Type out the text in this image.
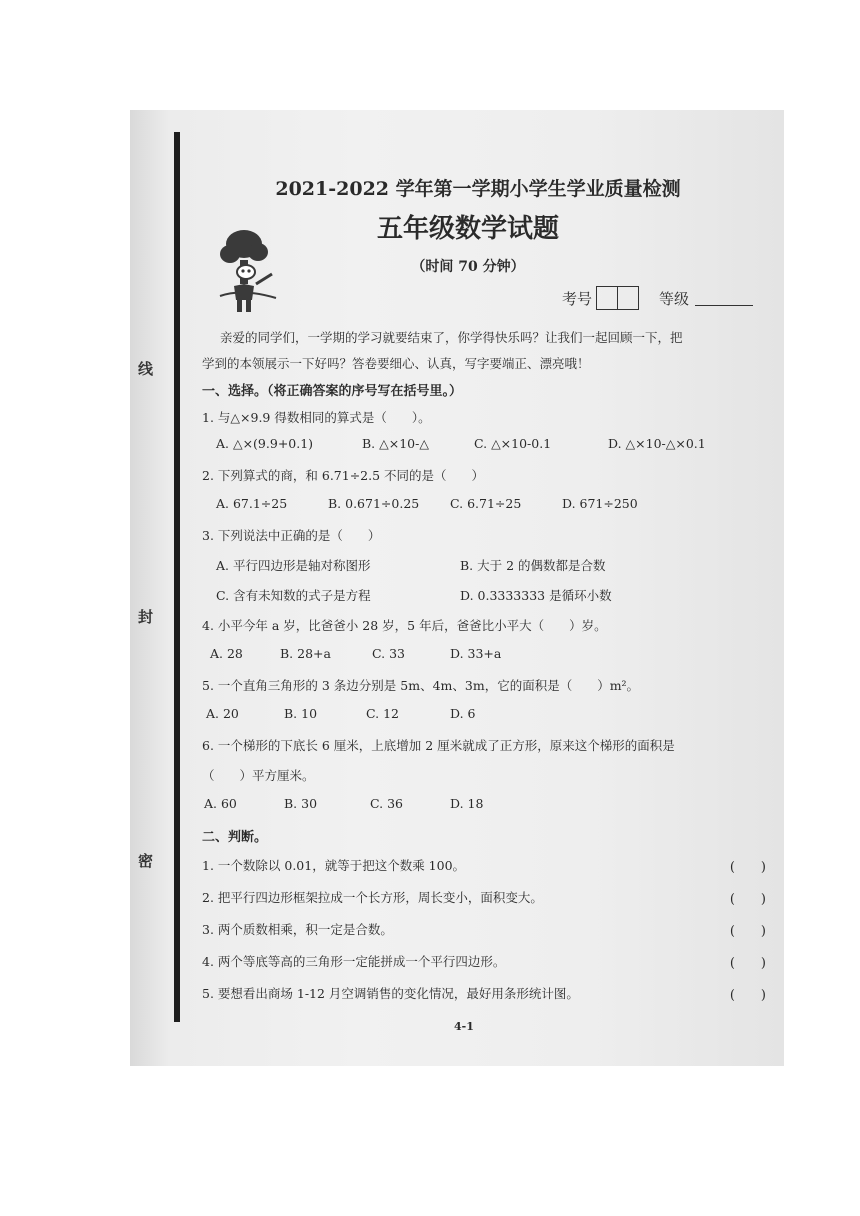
线
封
密
2021-2022 学年第一学期小学生学业质量检测
五年级数学试题
（时间 70 分钟）
考号	等级
亲爱的同学们，一学期的学习就要结束了，你学得快乐吗？让我们一起回顾一下，把
学到的本领展示一下好吗？答卷要细心、认真，写字要端正、漂亮哦！
一、选择。（将正确答案的序号写在括号里。）
1. 与△×9.9 得数相同的算式是（　　）。
A. △×(9.9+0.1)	B. △×10-△	C. △×10-0.1	D. △×10-△×0.1
2. 下列算式的商，和 6.71÷2.5 不同的是（　　）
A. 67.1÷25	B. 0.671÷0.25 C. 6.71÷25	D. 671÷250
3. 下列说法中正确的是（　　）
A. 平行四边形是轴对称图形	B. 大于 2 的偶数都是合数
C. 含有未知数的式子是方程	D. 0.3333333 是循环小数
4. 小平今年 a 岁，比爸爸小 28 岁，5 年后，爸爸比小平大（　　）岁。
A. 28	B. 28+a	C. 33	D. 33+a
5. 一个直角三角形的 3 条边分别是 5m、4m、3m，它的面积是（　　）m²。
A. 20	B. 10	C. 12	D. 6
6. 一个梯形的下底长 6 厘米，上底增加 2 厘米就成了正方形，原来这个梯形的面积是
（　　）平方厘米。
A. 60	B. 30	C. 36	D. 18
二、判断。
1. 一个数除以 0.01，就等于把这个数乘 100。	(　　)
2. 把平行四边形框架拉成一个长方形，周长变小，面积变大。	(　　)
3. 两个质数相乘，积一定是合数。	(　　)
4. 两个等底等高的三角形一定能拼成一个平行四边形。	(　　)
5. 要想看出商场 1-12 月空调销售的变化情况，最好用条形统计图。	(　　)
4-1
